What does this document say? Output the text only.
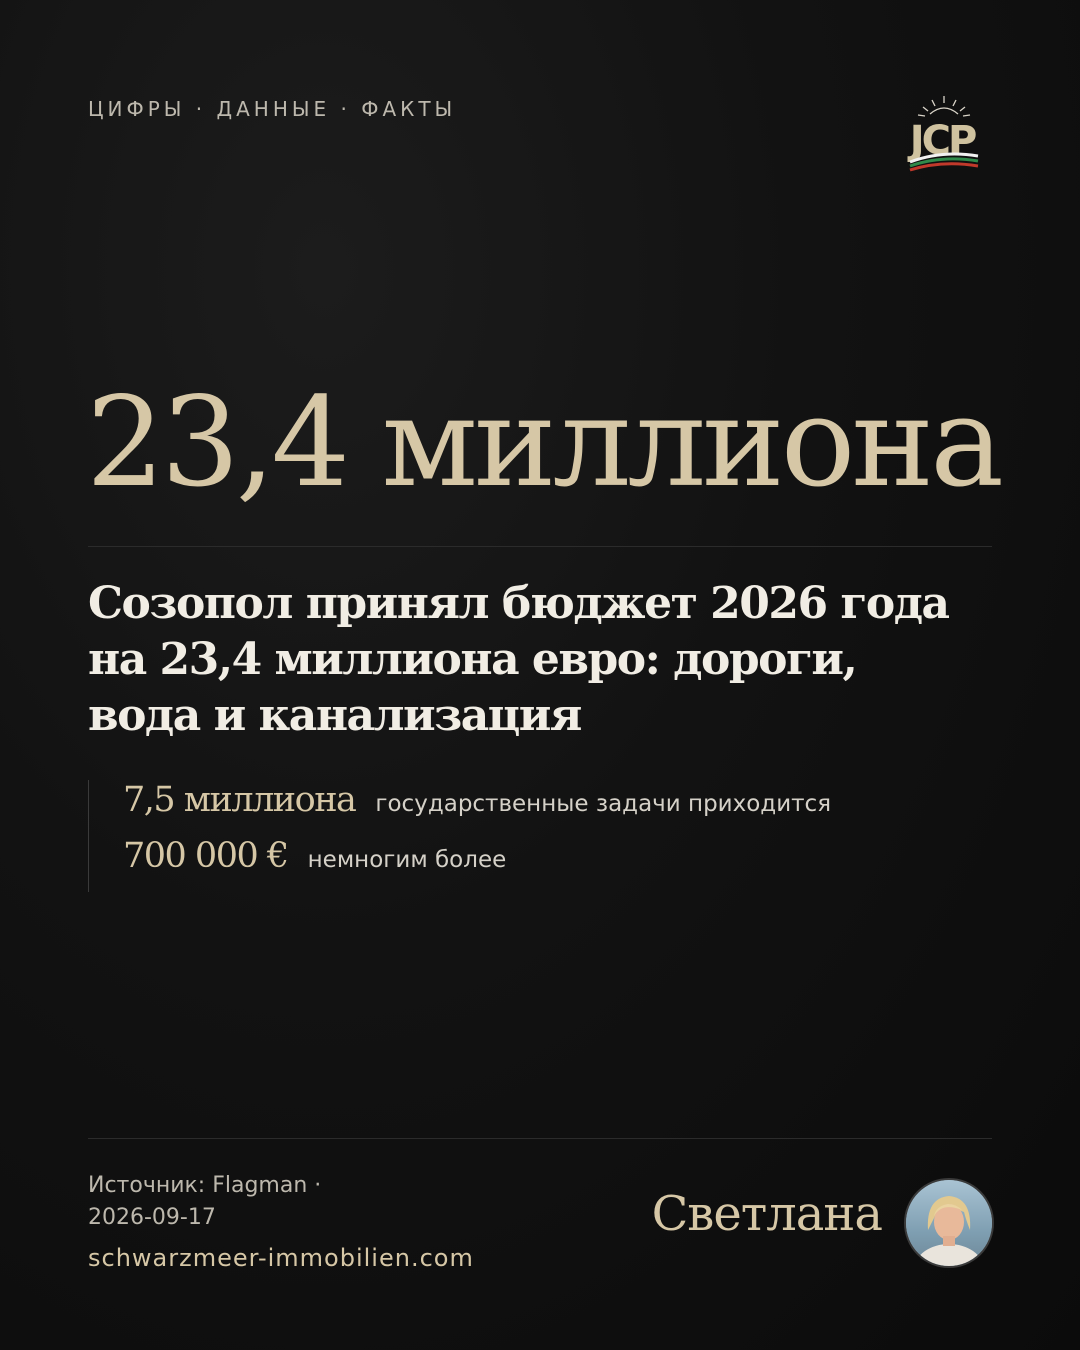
ЦИФРЫ · ДАННЫЕ · ФАКТЫ
JCP
23,4 миллиона
Созопол принял бюджет 2026 года на 23,4 миллиона евро: дороги, вода и канализация
7,5 миллиона государственные задачи приходится
700 000 € немногим более
Источник: Flagman ·
2026-09-17
schwarzmeer-immobilien.com
Светлана
